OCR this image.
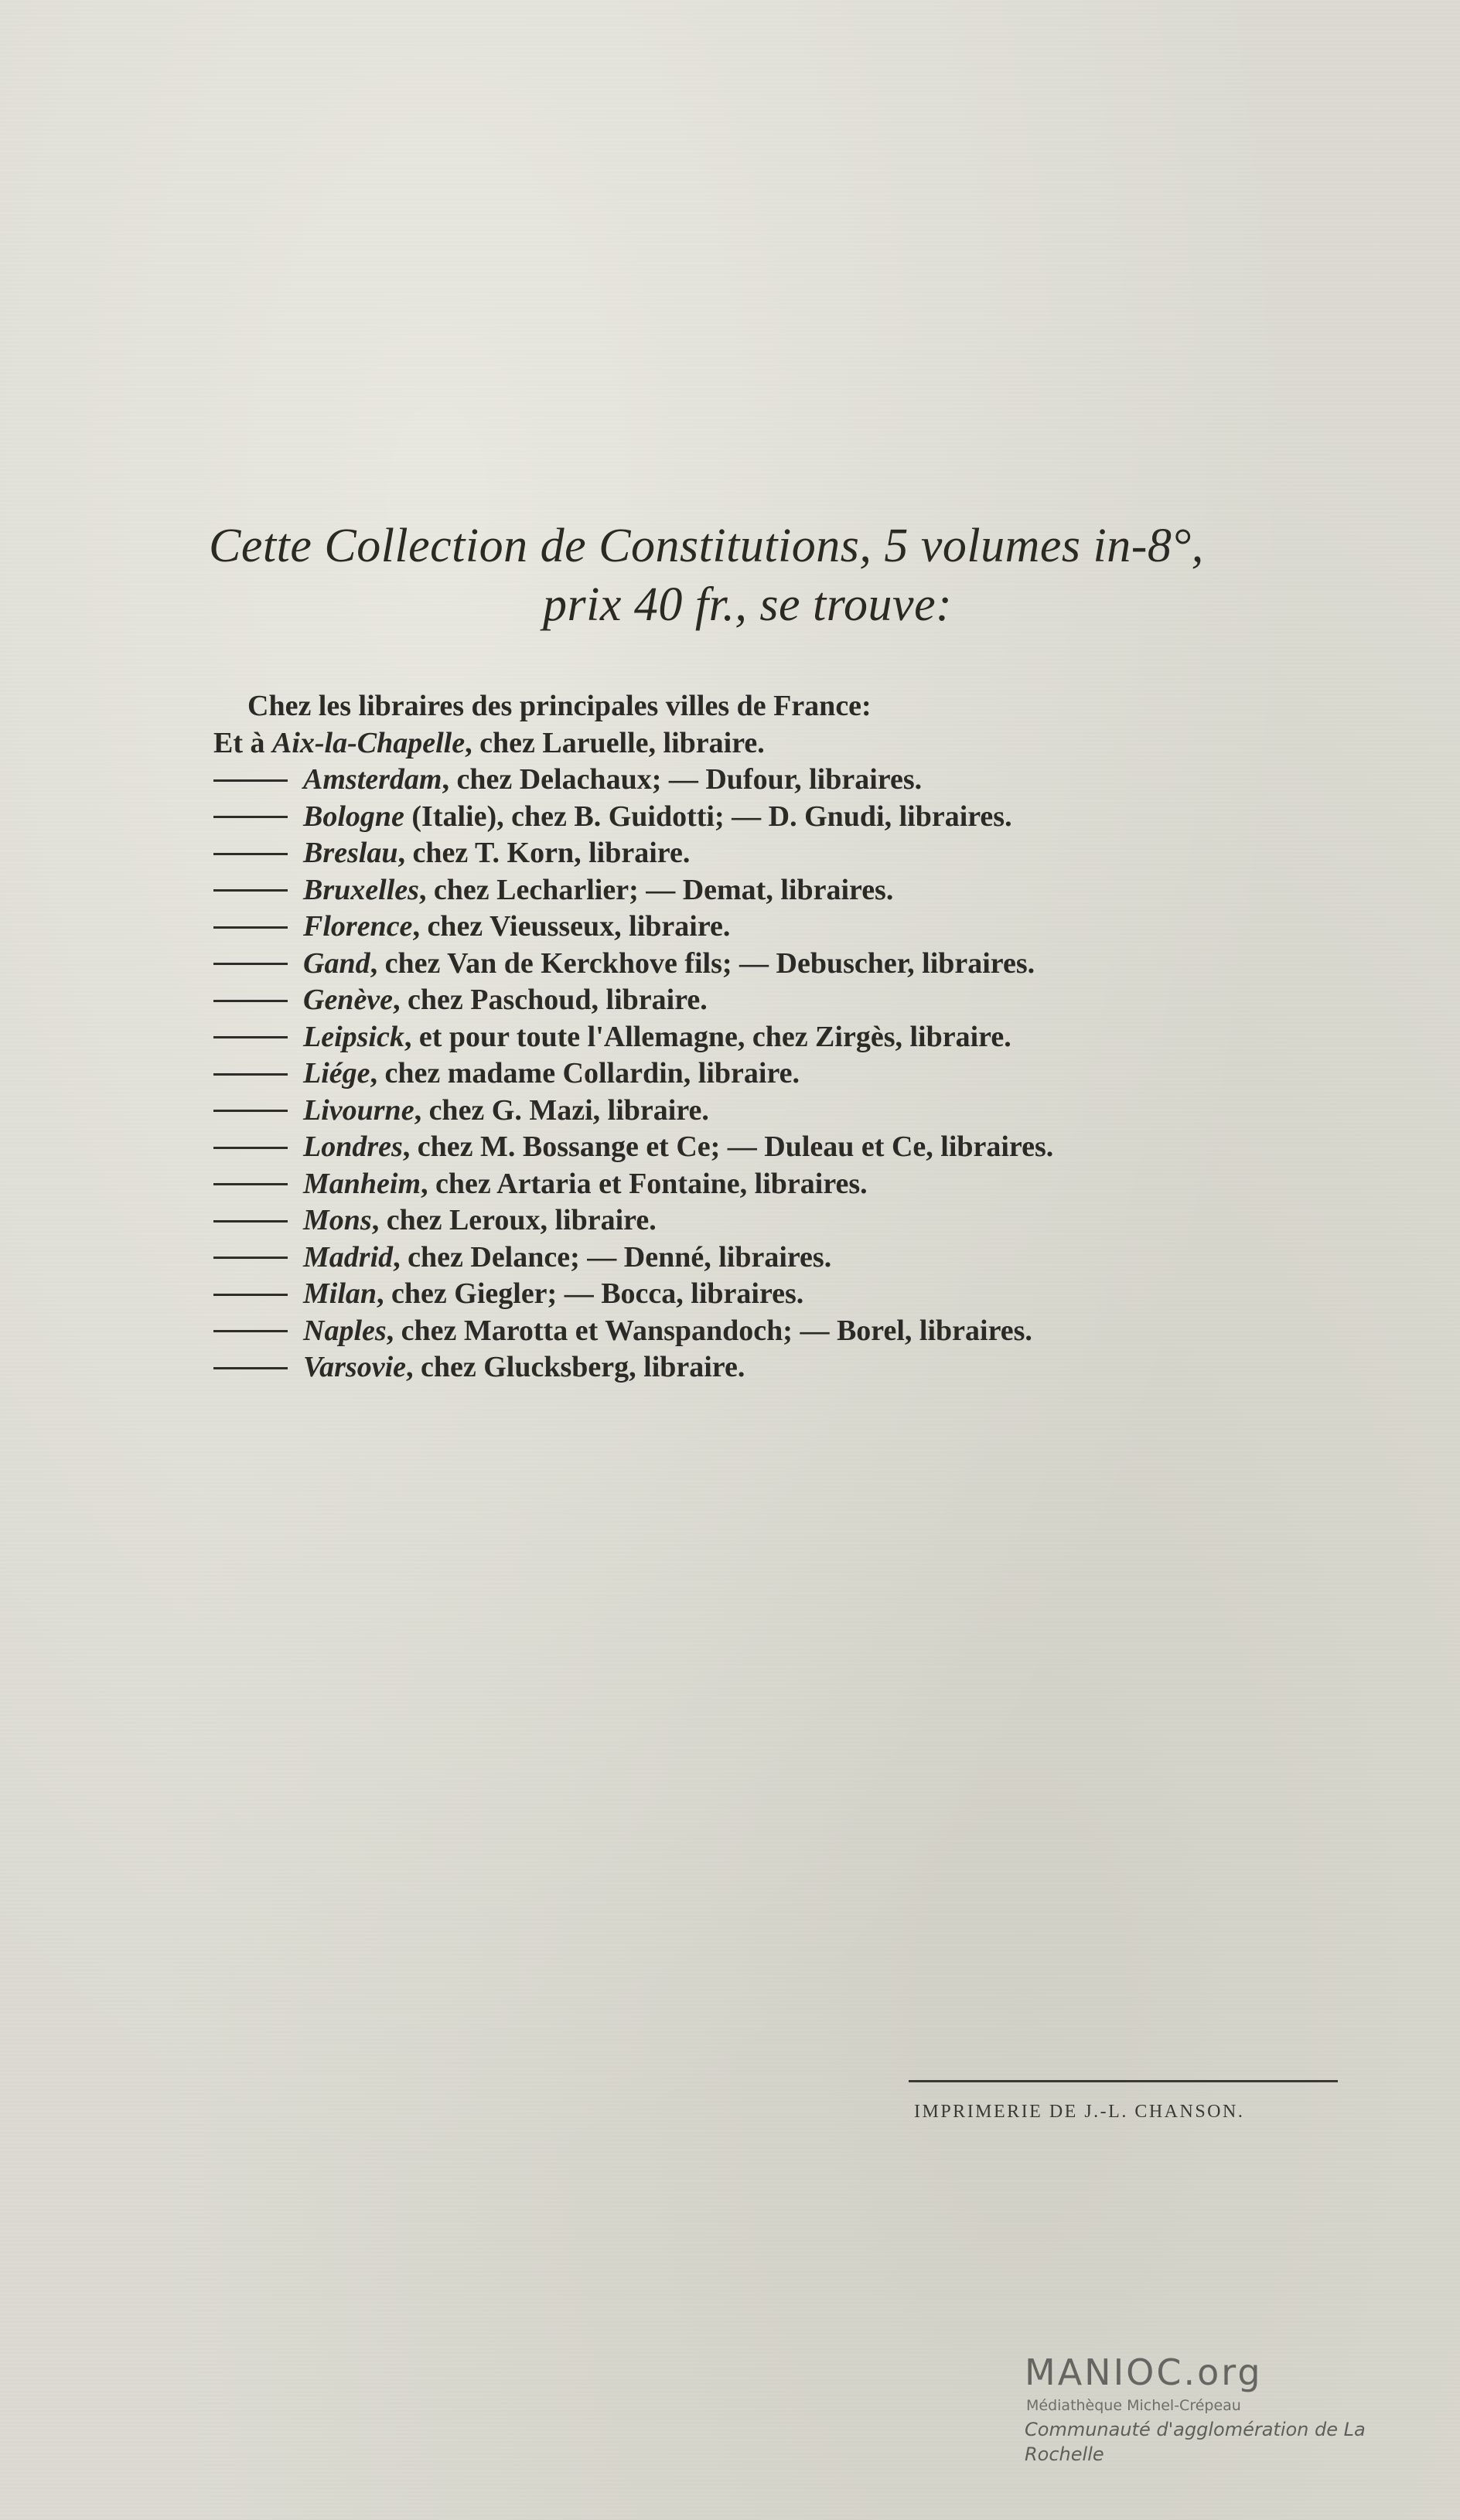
Cette Collection de Constitutions, 5 volumes in-8°,
prix 40 fr., se trouve:
Chez les libraires des principales villes de France:
Et à Aix-la-Chapelle, chez Laruelle, libraire.
Amsterdam, chez Delachaux; — Dufour, libraires.
Bologne (Italie), chez B. Guidotti; — D. Gnudi, libraires.
Breslau, chez T. Korn, libraire.
Bruxelles, chez Lecharlier; — Demat, libraires.
Florence, chez Vieusseux, libraire.
Gand, chez Van de Kerckhove fils; — Debuscher, libraires.
Genève, chez Paschoud, libraire.
Leipsick, et pour toute l'Allemagne, chez Zirgès, libraire.
Liége, chez madame Collardin, libraire.
Livourne, chez G. Mazi, libraire.
Londres, chez M. Bossange et Ce; — Duleau et Ce, libraires.
Manheim, chez Artaria et Fontaine, libraires.
Mons, chez Leroux, libraire.
Madrid, chez Delance; — Denné, libraires.
Milan, chez Giegler; — Bocca, libraires.
Naples, chez Marotta et Wanspandoch; — Borel, libraires.
Varsovie, chez Glucksberg, libraire.
IMPRIMERIE DE J.-L. CHANSON.
MANIOC.org
Médiathèque Michel-Crépeau
Communauté d'agglomération de La Rochelle
